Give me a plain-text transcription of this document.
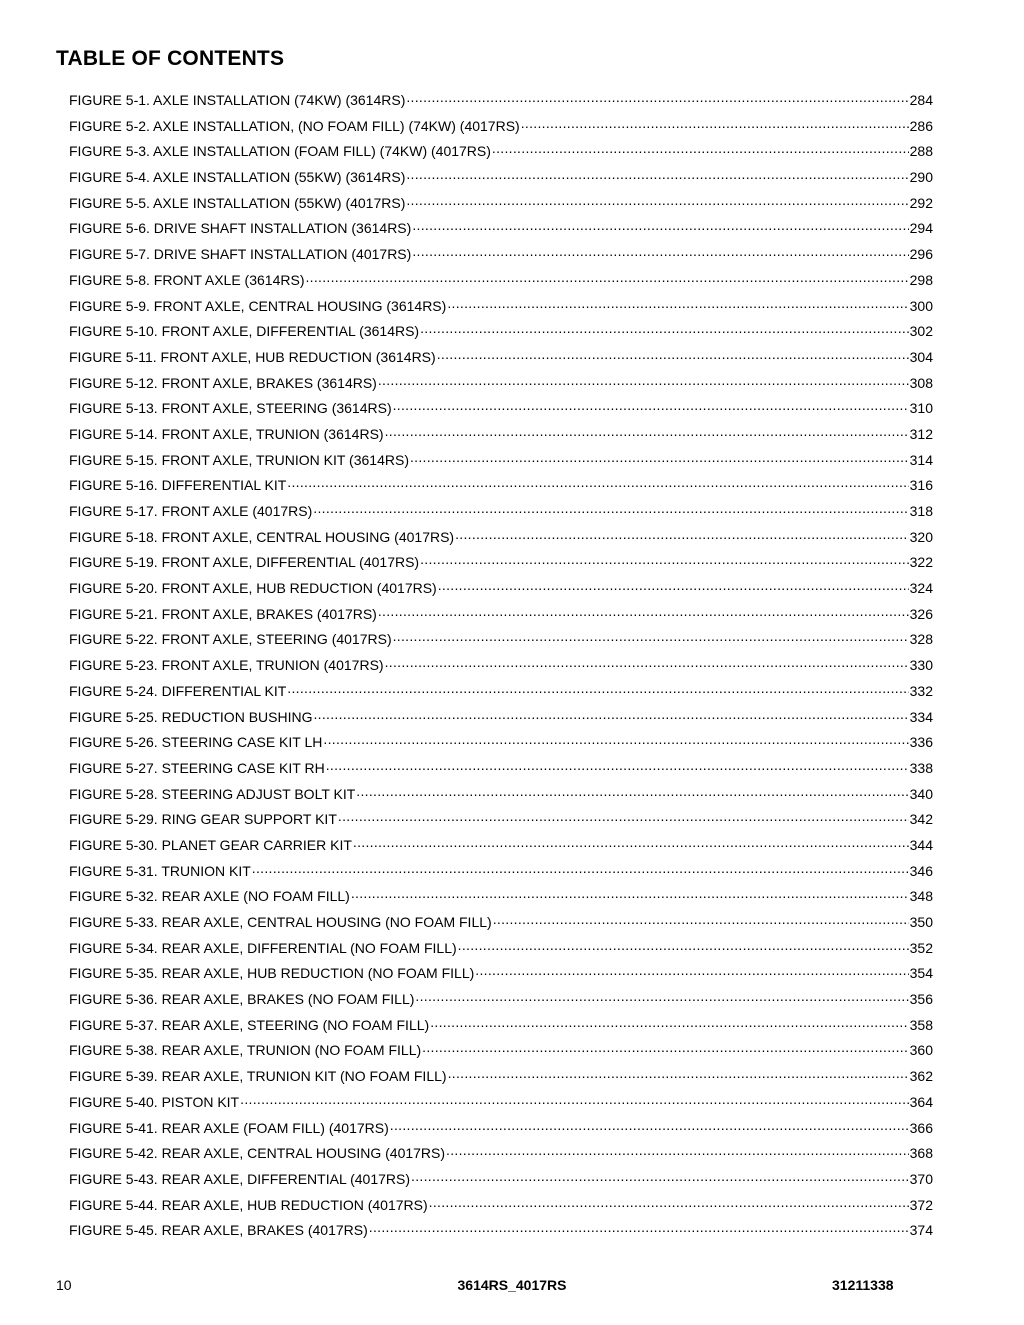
TABLE OF CONTENTS
FIGURE 5-1. AXLE INSTALLATION (74KW) (3614RS) .....	284
FIGURE 5-2. AXLE INSTALLATION, (NO FOAM FILL) (74KW) (4017RS) .....	286
FIGURE 5-3. AXLE INSTALLATION (FOAM FILL) (74KW) (4017RS) .....	288
FIGURE 5-4. AXLE INSTALLATION (55KW) (3614RS) .....	290
FIGURE 5-5. AXLE INSTALLATION (55KW) (4017RS) .....	292
FIGURE 5-6. DRIVE SHAFT INSTALLATION (3614RS) .....	294
FIGURE 5-7. DRIVE SHAFT INSTALLATION (4017RS) .....	296
FIGURE 5-8. FRONT AXLE (3614RS) .....	298
FIGURE 5-9. FRONT AXLE, CENTRAL HOUSING (3614RS) .....	300
FIGURE 5-10. FRONT AXLE, DIFFERENTIAL (3614RS) .....	302
FIGURE 5-11. FRONT AXLE, HUB REDUCTION (3614RS) .....	304
FIGURE 5-12. FRONT AXLE, BRAKES (3614RS) .....	308
FIGURE 5-13. FRONT AXLE, STEERING (3614RS) .....	310
FIGURE 5-14. FRONT AXLE, TRUNION (3614RS) .....	312
FIGURE 5-15. FRONT AXLE, TRUNION KIT (3614RS) .....	314
FIGURE 5-16. DIFFERENTIAL KIT .....	316
FIGURE 5-17. FRONT AXLE (4017RS) .....	318
FIGURE 5-18. FRONT AXLE, CENTRAL HOUSING (4017RS) .....	320
FIGURE 5-19. FRONT AXLE, DIFFERENTIAL (4017RS) .....	322
FIGURE 5-20. FRONT AXLE, HUB REDUCTION (4017RS) .....	324
FIGURE 5-21. FRONT AXLE, BRAKES (4017RS) .....	326
FIGURE 5-22. FRONT AXLE, STEERING (4017RS) .....	328
FIGURE 5-23. FRONT AXLE, TRUNION (4017RS) .....	330
FIGURE 5-24. DIFFERENTIAL KIT .....	332
FIGURE 5-25. REDUCTION BUSHING .....	334
FIGURE 5-26. STEERING CASE KIT LH .....	336
FIGURE 5-27. STEERING CASE KIT RH .....	338
FIGURE 5-28. STEERING ADJUST BOLT KIT .....	340
FIGURE 5-29. RING GEAR SUPPORT KIT .....	342
FIGURE 5-30. PLANET GEAR CARRIER KIT .....	344
FIGURE 5-31. TRUNION KIT .....	346
FIGURE 5-32. REAR AXLE (NO FOAM FILL) .....	348
FIGURE 5-33. REAR AXLE, CENTRAL HOUSING (NO FOAM FILL) .....	350
FIGURE 5-34. REAR AXLE, DIFFERENTIAL (NO FOAM FILL) .....	352
FIGURE 5-35. REAR AXLE, HUB REDUCTION (NO FOAM FILL) .....	354
FIGURE 5-36. REAR AXLE, BRAKES (NO FOAM FILL) .....	356
FIGURE 5-37. REAR AXLE, STEERING (NO FOAM FILL) .....	358
FIGURE 5-38. REAR AXLE, TRUNION (NO FOAM FILL) .....	360
FIGURE 5-39. REAR AXLE, TRUNION KIT (NO FOAM FILL) .....	362
FIGURE 5-40. PISTON KIT .....	364
FIGURE 5-41. REAR AXLE (FOAM FILL) (4017RS) .....	366
FIGURE 5-42. REAR AXLE, CENTRAL HOUSING (4017RS) .....	368
FIGURE 5-43. REAR AXLE, DIFFERENTIAL (4017RS) .....	370
FIGURE 5-44. REAR AXLE, HUB REDUCTION (4017RS) .....	372
FIGURE 5-45. REAR AXLE, BRAKES (4017RS) .....	374
10	3614RS_4017RS	31211338
